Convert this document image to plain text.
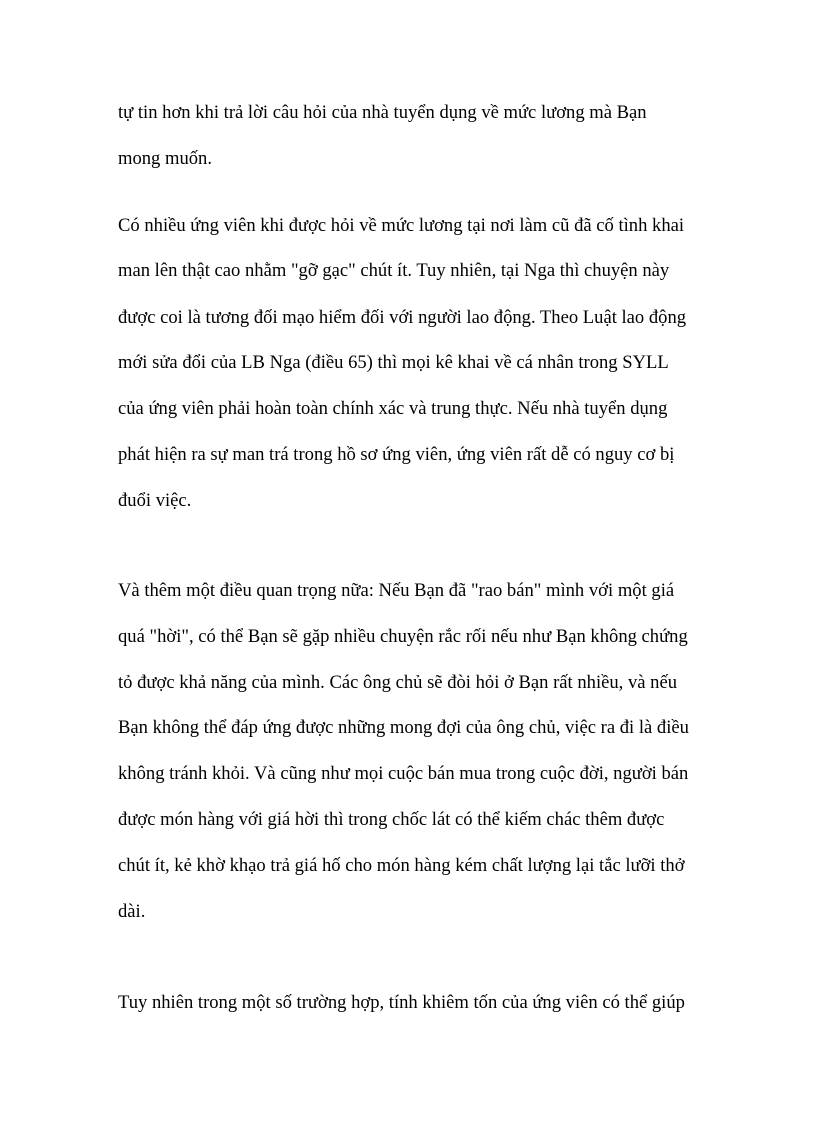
tự tin hơn khi trả lời câu hỏi của nhà tuyển dụng về mức lương mà Bạn
mong muốn.
Có nhiều ứng viên khi được hỏi về mức lương tại nơi làm cũ đã cố tình khai
man lên thật cao nhằm "gỡ gạc" chút ít. Tuy nhiên, tại Nga thì chuyện này
được coi là tương đối mạo hiểm đối với người lao động. Theo Luật lao động
mới sửa đổi của LB Nga (điều 65) thì mọi kê khai về cá nhân trong SYLL
của ứng viên phải hoàn toàn chính xác và trung thực. Nếu nhà tuyển dụng
phát hiện ra sự man trá trong hồ sơ ứng viên, ứng viên rất dễ có nguy cơ bị
đuổi việc.
Và thêm một điều quan trọng nữa: Nếu Bạn đã "rao bán" mình với một giá
quá "hời", có thể Bạn sẽ gặp nhiều chuyện rắc rối nếu như Bạn không chứng
tỏ được khả năng của mình. Các ông chủ sẽ đòi hỏi ở Bạn rất nhiều, và nếu
Bạn không thể đáp ứng được những mong đợi của ông chủ, việc ra đi là điều
không tránh khỏi. Và cũng như mọi cuộc bán mua trong cuộc đời, người bán
được món hàng với giá hời thì trong chốc lát có thể kiếm chác thêm được
chút ít, kẻ khờ khạo trả giá hố cho món hàng kém chất lượng lại tắc lưỡi thở
dài.
Tuy nhiên trong một số trường hợp, tính khiêm tốn của ứng viên có thể giúp
